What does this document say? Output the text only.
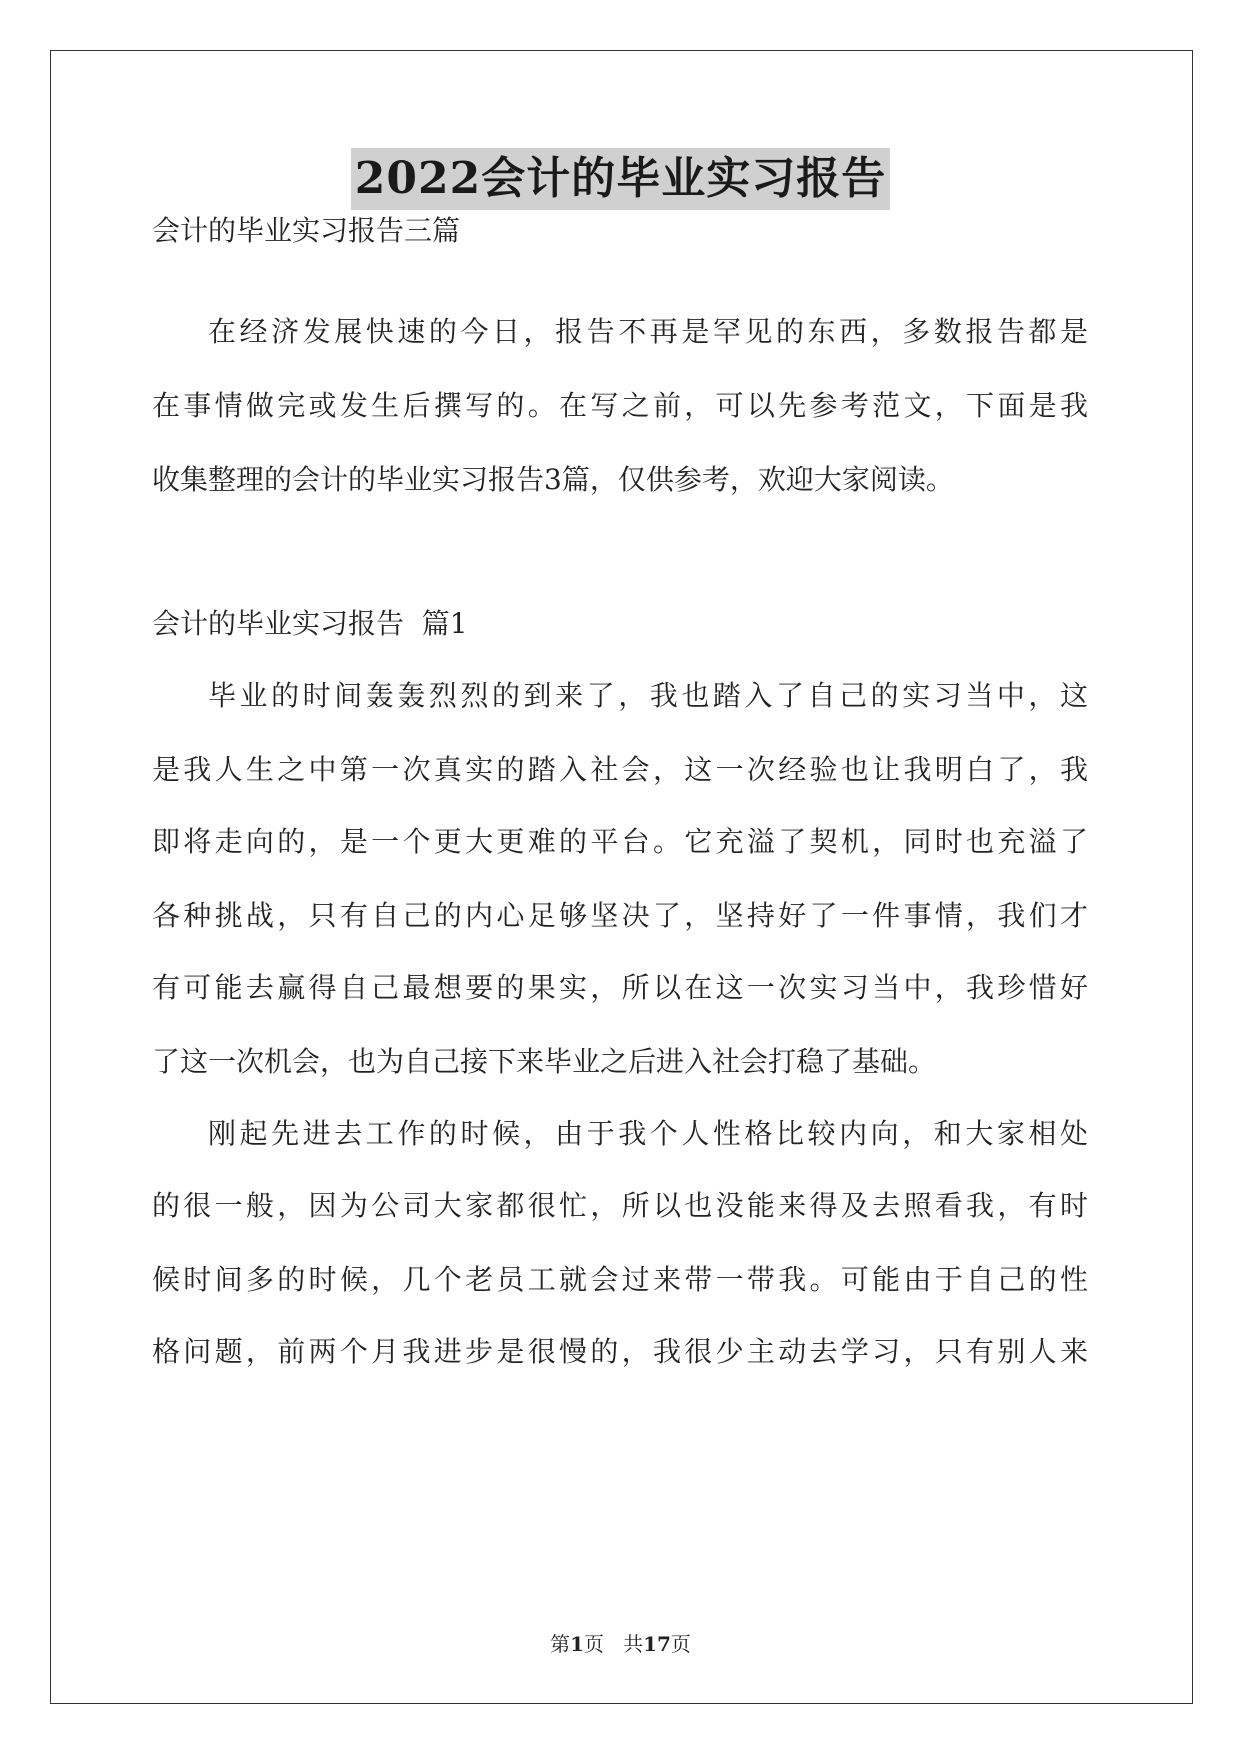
2022会计的毕业实习报告
会计的毕业实习报告三篇
在经济发展快速的今日，报告不再是罕见的东西，多数报告都是
在事情做完或发生后撰写的。在写之前，可以先参考范文，下面是我
收集整理的会计的毕业实习报告3篇，仅供参考，欢迎大家阅读。
会计的毕业实习报告  篇1
毕业的时间轰轰烈烈的到来了，我也踏入了自己的实习当中，这
是我人生之中第一次真实的踏入社会，这一次经验也让我明白了，我
即将走向的，是一个更大更难的平台。它充溢了契机，同时也充溢了
各种挑战，只有自己的内心足够坚决了，坚持好了一件事情，我们才
有可能去赢得自己最想要的果实，所以在这一次实习当中，我珍惜好
了这一次机会，也为自己接下来毕业之后进入社会打稳了基础。
刚起先进去工作的时候，由于我个人性格比较内向，和大家相处
的很一般，因为公司大家都很忙，所以也没能来得及去照看我，有时
候时间多的时候，几个老员工就会过来带一带我。可能由于自己的性
格问题，前两个月我进步是很慢的，我很少主动去学习，只有别人来
第1页 共17页
